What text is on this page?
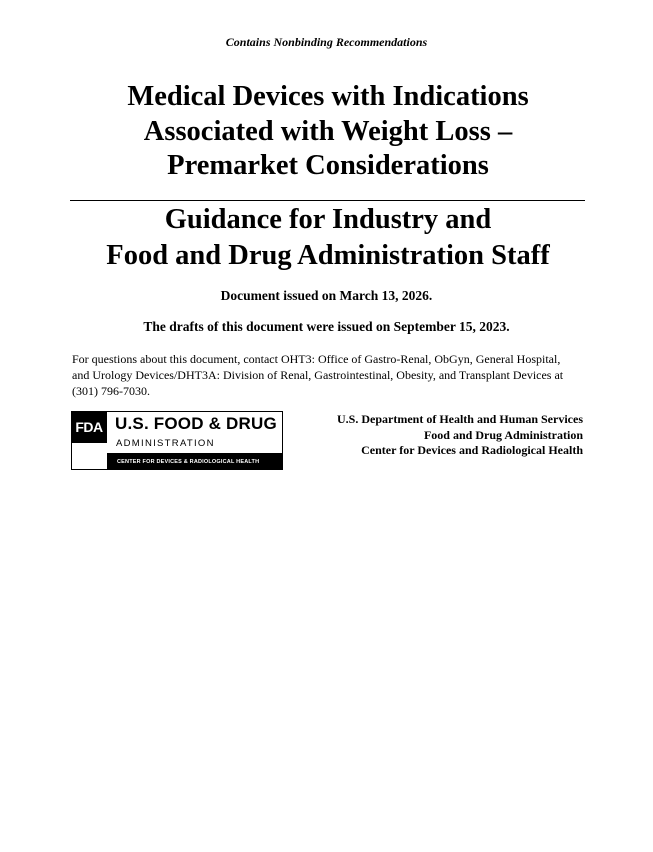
Contains Nonbinding Recommendations
Medical Devices with Indications
Associated with Weight Loss –
Premarket Considerations
Guidance for Industry and
Food and Drug Administration Staff
Document issued on March 13, 2026.
The drafts of this document were issued on September 15, 2023.
For questions about this document, contact OHT3: Office of Gastro-Renal, ObGyn, General Hospital, and Urology Devices/DHT3A: Division of Renal, Gastrointestinal, Obesity, and Transplant Devices at (301) 796-7030.
FDA U.S. FOOD & DRUG
ADMINISTRATION
CENTER FOR DEVICES & RADIOLOGICAL HEALTH
U.S. Department of Health and Human Services
Food and Drug Administration
Center for Devices and Radiological Health
